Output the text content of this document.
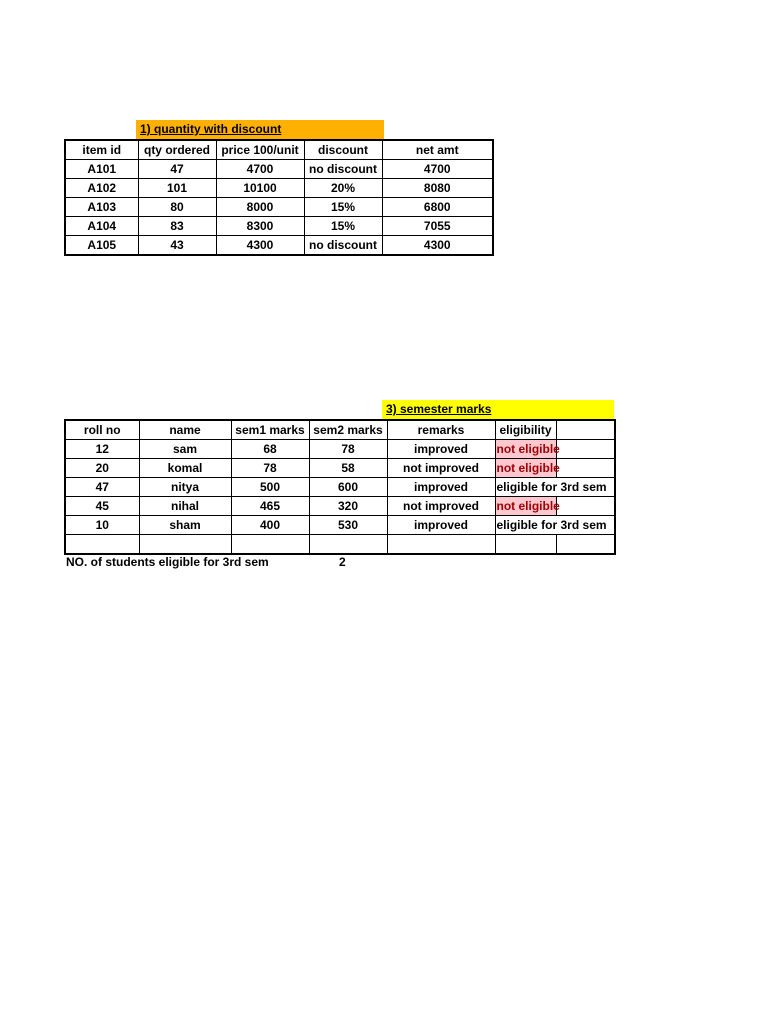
1) quantity with discount
item id	qty ordered	price 100/unit	discount	net amt
A101	47	4700	no discount	4700
A102	101	10100	20%	8080
A103	80	8000	15%	6800
A104	83	8300	15%	7055
A105	43	4300	no discount	4300
3) semester marks
roll no	name	sem1 marks	sem2 marks	remarks	eligibility	
12	sam	68	78	improved	not eligible	
20	komal	78	58	not improved	not eligible	
47	nitya	500	600	improved	eligible for 3rd sem	
45	nihal	465	320	not improved	not eligible	
10	sham	400	530	improved	eligible for 3rd sem	

NO. of students eligible for 3rd sem	2
